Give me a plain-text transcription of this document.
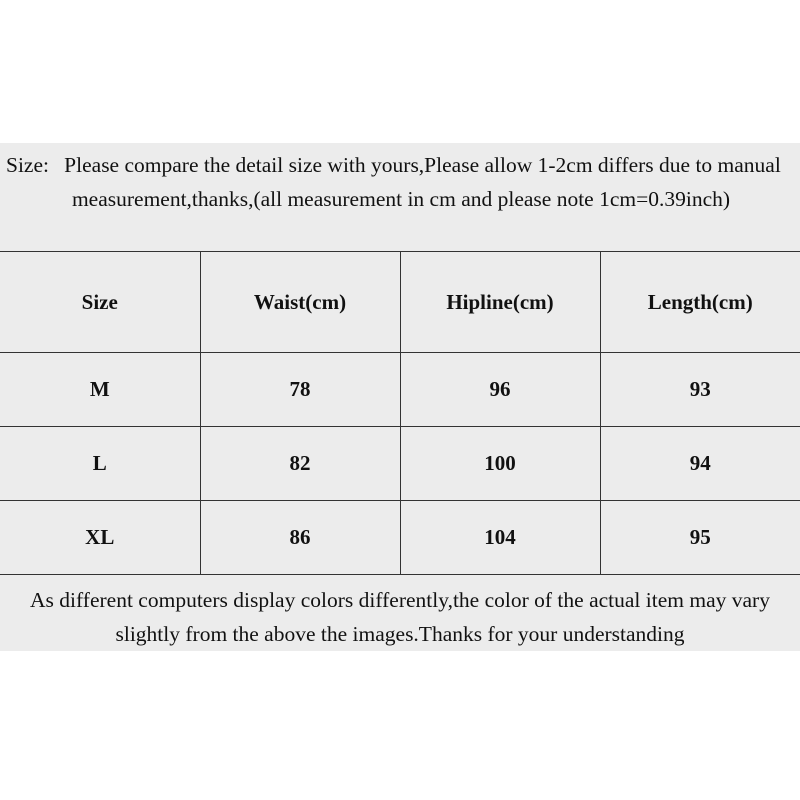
Size: Please compare the detail size with yours,Please allow 1-2cm differs due to manual measurement,thanks,(all measurement in cm and please note 1cm=0.39inch)
Size	Waist(cm)	Hipline(cm)	Length(cm)
M	78	96	93
L	82	100	94
XL	86	104	95
As different computers display colors differently,the color of the actual item may vary slightly from the above the images.Thanks for your understanding
